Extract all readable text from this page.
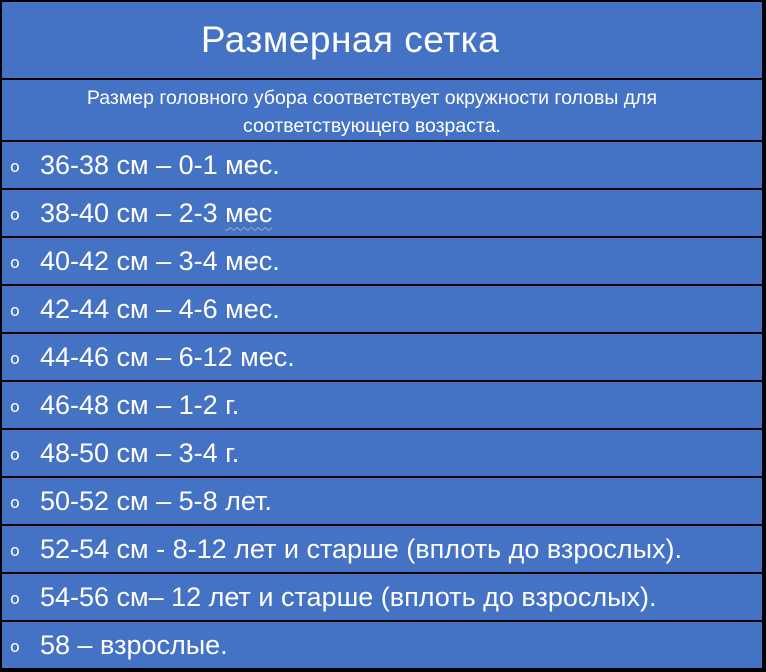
Размерная сетка
Размер головного убора соответствует окружности головы для
соответствующего возраста.
o 36-38 см – 0-1 мес.
o 38-40 см – 2-3 мес
o 40-42 см – 3-4 мес.
o 42-44 см – 4-6 мес.
o 44-46 см – 6-12 мес.
o 46-48 см – 1-2 г.
o 48-50 см – 3-4 г.
o 50-52 см – 5-8 лет.
o 52-54 см - 8-12 лет и старше (вплоть до взрослых).
o 54-56 см– 12 лет и старше (вплоть до взрослых).
o 58 – взрослые.
